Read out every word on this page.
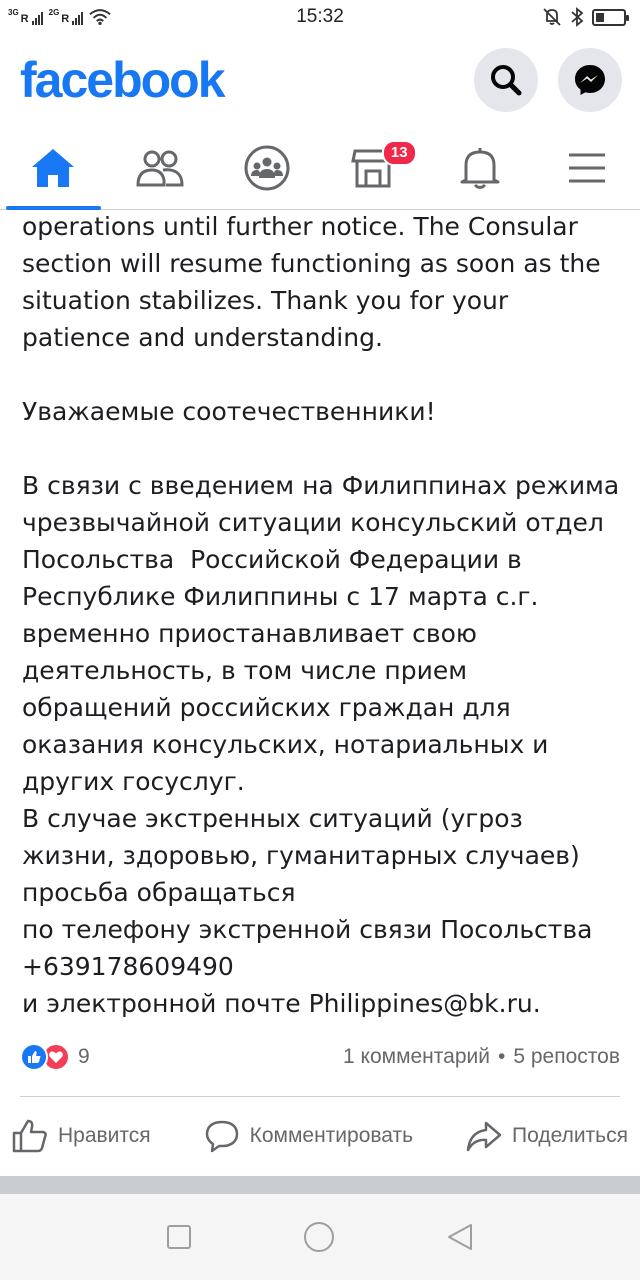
3G
R
2G
R	15:32
facebook
13

operations until further notice. The Consular section will resume functioning as soon as the situation stabilizes. Thank you for your patience and understanding.

Уважаемые соотечественники!

В связи с введением на Филиппинах режима чрезвычайной ситуации консульский отдел Посольства  Российской Федерации в Республике Филиппины с 17 марта с.г. временно приостанавливает свою деятельность, в том числе прием обращений российских граждан для оказания консульских, нотариальных и других госуслуг.
В случае экстренных ситуаций (угроз жизни, здоровью, гуманитарных случаев) просьба обращаться
по телефону экстренной связи Посольства +639178609490
и электронной почте Philippines@bk.ru.

9	1 комментарий • 5 репостов
Нравится	Комментировать	Поделиться
